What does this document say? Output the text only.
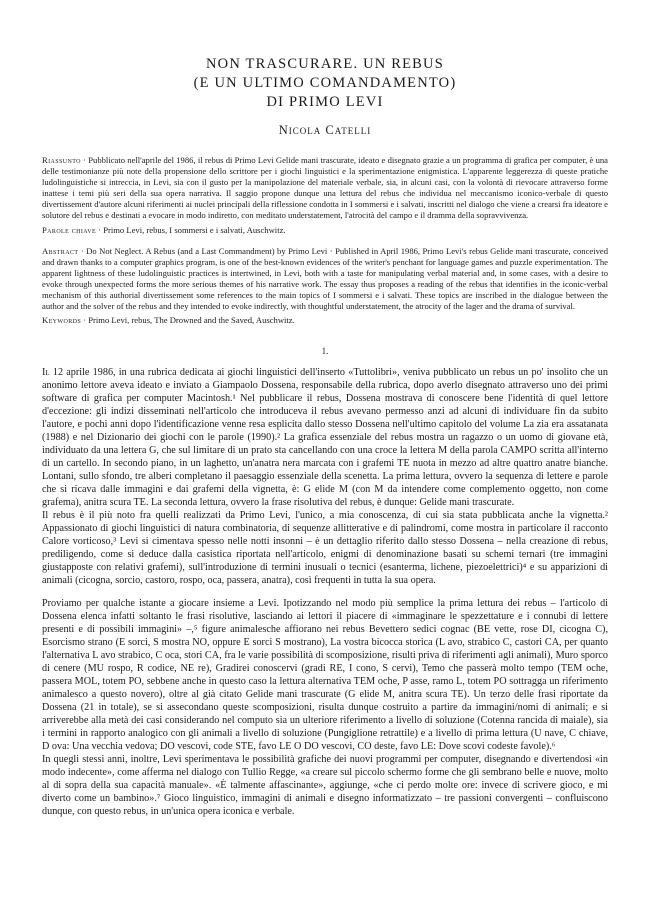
NON TRASCURARE. UN REBUS
(E UN ULTIMO COMANDAMENTO)
DI PRIMO LEVI
Nicola Catelli

Riassunto · Pubblicato nell'aprile del 1986, il rebus di Primo Levi Gelide mani trascurate, ideato e disegnato grazie a un programma di grafica per computer, è una delle testimonianze più note della propensione dello scrittore per i giochi linguistici e la sperimentazione enigmistica. L'apparente leggerezza di queste pratiche ludolinguistiche si intreccia, in Levi, sia con il gusto per la manipolazione del materiale verbale, sia, in alcuni casi, con la volontà di rievocare attraverso forme inattese i temi più seri della sua opera narrativa. Il saggio propone dunque una lettura del rebus che individua nel meccanismo iconico-verbale di questo divertissement d'autore alcuni riferimenti ai nuclei principali della riflessione condotta in I sommersi e i salvati, inscritti nel dialogo che viene a crearsi fra ideatore e solutore del rebus e destinati a evocare in modo indiretto, con meditato understatement, l'atrocità del campo e il dramma della sopravvivenza.

Parole chiave · Primo Levi, rebus, I sommersi e i salvati, Auschwitz.

Abstract · Do Not Neglect. A Rebus (and a Last Commandment) by Primo Levi · Published in April 1986, Primo Levi's rebus Gelide mani trascurate, conceived and drawn thanks to a computer graphics program, is one of the best-known evidences of the writer's penchant for language games and puzzle experimentation. The apparent lightness of these ludolinguistic practices is intertwined, in Levi, both with a taste for manipulating verbal material and, in some cases, with a desire to evoke through unexpected forms the more serious themes of his narrative work. The essay thus proposes a reading of the rebus that identifies in the iconic-verbal mechanism of this authorial divertissement some references to the main topics of I sommersi e i salvati. These topics are inscribed in the dialogue between the author and the solver of the rebus and they intended to evoke indirectly, with thoughtful understatement, the atrocity of the lager and the drama of survival.

Keywords · Primo Levi, rebus, The Drowned and the Saved, Auschwitz.

1.

Il 12 aprile 1986, in una rubrica dedicata ai giochi linguistici dell'inserto «Tuttolibri», veniva pubblicato un rebus un po' insolito che un anonimo lettore aveva ideato e inviato a Giampaolo Dossena, responsabile della rubrica, dopo averlo disegnato attraverso uno dei primi software di grafica per computer Macintosh.¹ Nel pubblicare il rebus, Dossena mostrava di conoscere bene l'identità di quel lettore d'eccezione: gli indizi disseminati nell'articolo che introduceva il rebus avevano permesso anzi ad alcuni di individuare fin da subito l'autore, e pochi anni dopo l'identificazione venne resa esplicita dallo stesso Dossena nell'ultimo capitolo del volume La zia era assatanata (1988) e nel Dizionario dei giochi con le parole (1990).² La grafica essenziale del rebus mostra un ragazzo o un uomo di giovane età, individuato da una lettera G, che sul limitare di un prato sta cancellando con una croce la lettera M della parola CAMPO scritta all'interno di un cartello. In secondo piano, in un laghetto, un'anatra nera marcata con i grafemi TE nuota in mezzo ad altre quattro anatre bianche. Lontani, sullo sfondo, tre alberi completano il paesaggio essenziale della scenetta. La prima lettura, ovvero la sequenza di lettere e parole che si ricava dalle immagini e dai grafemi della vignetta, è: G elide M (con M da intendere come complemento oggetto, non come grafema), anitra scura TE. La seconda lettura, ovvero la frase risolutiva del rebus, è dunque: Gelide mani trascurate.

Il rebus è il più noto fra quelli realizzati da Primo Levi, l'unico, a mia conoscenza, di cui sia stata pubblicata anche la vignetta.² Appassionato di giochi linguistici di natura combinatoria, di sequenze allitterative e di palindromi, come mostra in particolare il racconto Calore vorticoso,³ Levi si cimentava spesso nelle notti insonni – è un dettaglio riferito dallo stesso Dossena – nella creazione di rebus, prediligendo, come si deduce dalla casistica riportata nell'articolo, enigmi di denominazione basati su schemi ternari (tre immagini giustapposte con relativi grafemi), sull'introduzione di termini inusuali o tecnici (esanterma, lichene, piezoelettrici)⁴ e su apparizioni di animali (cicogna, sorcio, castoro, rospo, oca, passera, anatra), così frequenti in tutta la sua opera.

Proviamo per qualche istante a giocare insieme a Levi. Ipotizzando nel modo più semplice la prima lettura dei rebus – l'articolo di Dossena elenca infatti soltanto le frasi risolutive, lasciando ai lettori il piacere di «immaginare le spezzettature e i connubi di lettere presenti e di possibili immagini» –,⁵ figure animalesche affiorano nei rebus Bevettero sedici cognac (BE vette, rose DI, cicogna C), Esorcismo strano (E sorci, S mostra NO, oppure E sorci S mostrano), La vostra bicocca storica (L avo, strabico C, castori CA, per quanto l'alternativa L avo strabico, C oca, stori CA, fra le varie possibilità di scomposizione, risulti priva di riferimenti agli animali), Muro sporco di cenere (MU rospo, R codice, NE re), Gradirei conoscervi (gradi RE, I cono, S cervi), Temo che passerà molto tempo (TEM oche, passera MOL, totem PO, sebbene anche in questo caso la lettura alternativa TEM oche, P asse, ramo L, totem PO sottragga un riferimento animalesco a questo novero), oltre al già citato Gelide mani trascurate (G elide M, anitra scura TE). Un terzo delle frasi riportate da Dossena (21 in totale), se si assecondano queste scomposizioni, risulta dunque costruito a partire da immagini/nomi di animali; e si arriverebbe alla metà dei casi considerando nel computo sia un ulteriore riferimento a livello di soluzione (Cotenna rancida di maiale), sia i termini in rapporto analogico con gli animali a livello di soluzione (Pungiglione retrattile) e a livello di prima lettura (U nave, C chiave, D ova: Una vecchia vedova; DO vescovi, code STE, favo LE O DO vescovi, CO deste, favo LE: Dove scovi codeste favole).⁶

In quegli stessi anni, inoltre, Levi sperimentava le possibilità grafiche dei nuovi programmi per computer, disegnando e divertendosi «in modo indecente», come afferma nel dialogo con Tullio Regge, «a creare sul piccolo schermo forme che gli sembrano belle e nuove, molto al di sopra della sua capacità manuale». «È talmente affascinante», aggiunge, «che ci perdo molte ore: invece di scrivere gioco, e mi diverto come un bambino».⁷ Gioco linguistico, immagini di animali e disegno informatizzato – tre passioni convergenti – confluiscono dunque, con questo rebus, in un'unica opera iconica e verbale.
